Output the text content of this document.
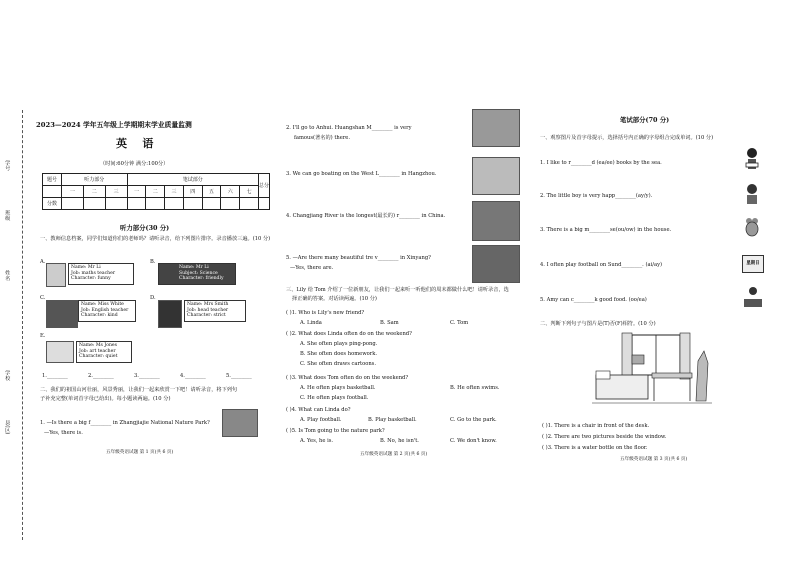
学号
班级
姓名
学校
县(区)
2023—2024 学年五年级上学期期末学业质量监测
英    语
（时间:60分钟 满分:100分）
题号	听力部分			笔试部分							总分
	一	二	三	一	二	三	四	五	六	七	
分数											
听力部分(30 分)
一、教师信息档案，同学们知道你们的老师吗？请听录音，给下列图片排序。录音播放三遍。(10 分)
A.
Name: Mr Li
Job: maths teacher
Character: funny
B.
Name: Mr Li
Subject: Science
Character: friendly
C.
Name: Miss White
Job: English teacher
Character: kind
D.
Name: Mrs Smith
Job: head teacher
Character: strict
E.
Name: Ms Jones
Job: art teacher
Character: quiet
1.________	2.________	3.________	4.________	5.________
二、我们的祖国山河壮丽，风景秀丽，让我们一起来欣赏一下吧！请听录音，将下列句
子补充完整(单词首字母已给出)。每小题读两遍。(10 分)
1. —Is there a big f________ in Zhangjiajie National Nature Park?
—Yes, there is.
五年级英语试题 第 1 页(共 6 页)
2. I'll go to Anhui. Huangshan M________ is very
famous(著名的) there.
3. We can go boating on the West L________ in Hangzhou.
4. Changjiang River is the longest(最长的) r________ in China.
5. —Are there many beautiful tre v________ in Xinyang?
—Yes, there are.
三、Lily 给 Tom 介绍了一位新朋友，让我们一起来听一听他们的周末都做什么吧！请听录音，选
择正确的答案。对话读两遍。(10 分)
( )1. Who is Lily's new friend?
A. Linda	B. Sam	C. Tom
( )2. What does Linda often do on the weekend?
A. She often plays ping-pong.
B. She often does homework.
C. She often draws cartoons.
( )3. What does Tom often do on the weekend?
A. He often plays basketball.	B. He often swims.
C. He often plays football.
( )4. What can Linda do?
A. Play football.	B. Play basketball.	C. Go to the park.
( )5. Is Tom going to the nature park?
A. Yes, he is.	B. No, he isn't.	C. We don't know.
五年级英语试题 第 2 页(共 6 页)
笔试部分(70 分)
一、观察图片及首字母提示，选择括号内正确的字母组合完成单词。(10 分)
1. I like to r________d (ea/ee) books by the sea.
2. The little boy is very happ________(ay/y).
3. There is a big m________se(ou/ow) in the house.
4. I often play football on Sund________. (ai/ay)
5. Amy can c________k good food. (oo/ea)
星期日
二、判断下列句子与图片是(T)否(F)相符。(10 分)
( )1. There is a chair in front of the desk.
( )2. There are two pictures beside the window.
( )3. There is a water bottle on the floor.
五年级英语试题 第 3 页(共 6 页)
